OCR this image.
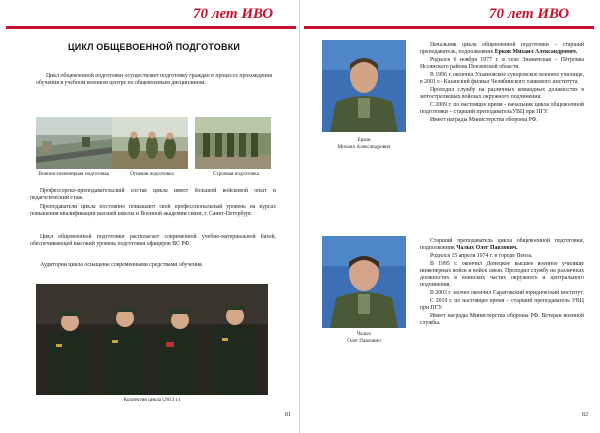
70 лет ИВО
ЦИКЛ ОБЩЕВОЕННОЙ ПОДГОТОВКИ
Цикл общевоенной подготовки осуществляет подготовку граждан в процессе прохождения обучения в учебном военном центре по общевоенным дисциплинам.
Военно-инженерная подготовка	Огневая подготовка	Строевая подготовка
Профессорско-преподавательский состав цикла имеет большой войсковой опыт и педагогический стаж.
Преподаватели цикла постоянно повышают свой профессиональный уровень на курсах повышения квалификации высшей школы и Военной академии связи, г. Санкт-Петербург.
Цикл общевоенной подготовки располагает современной учебно-материальной базой, обеспечивающей высокий уровень подготовки офицеров ВС РФ.
Аудитории цикла оснащены современными средствами обучения.
Коллектив цикла (2013 г.)
81
70 лет ИВО
Ерков
Михаил Александрович

Начальник цикла общевоенной подготовки – старший преподаватель, подполковник Ерков Михаил Александрович.

Родился 6 ноября 1977 г. в селе Знаменская – Пётровка Иссинского района Пензенской области.

В 1996 г. окончил Ульяновское суворовское военное училище, в 2001 г.- Казанский филиал Челябинского танкового института.

Проходил службу на различных командных должностях в мотострелковых войсках окружного подчинения.

С 2009 г. по настоящее время - начальник цикла общевоенной подготовки – старший преподавательУВЦ при ПГУ.

Имеет награды Министерства обороны РФ.

Чалых
Олег Павлович

Старший преподаватель цикла общевоенной подготовки, подполковник Чалых Олег Павлович.

Родился 15 апреля 1974 г. в городе Пенза.

В 1995 г. окончил Донецкое высшее военное училище инженерных войск и войск связи. Проходил службу на различных должностях в воинских частях окружного и центрального подчинения.

В 2003 г. заочно окончил Саратовский юридический институт.

С 2010 г. по настоящее время – старший преподаватель УВЦ при ПГУ.

Имеет награды Министерства обороны РФ. Ветеран военной службы.

82
